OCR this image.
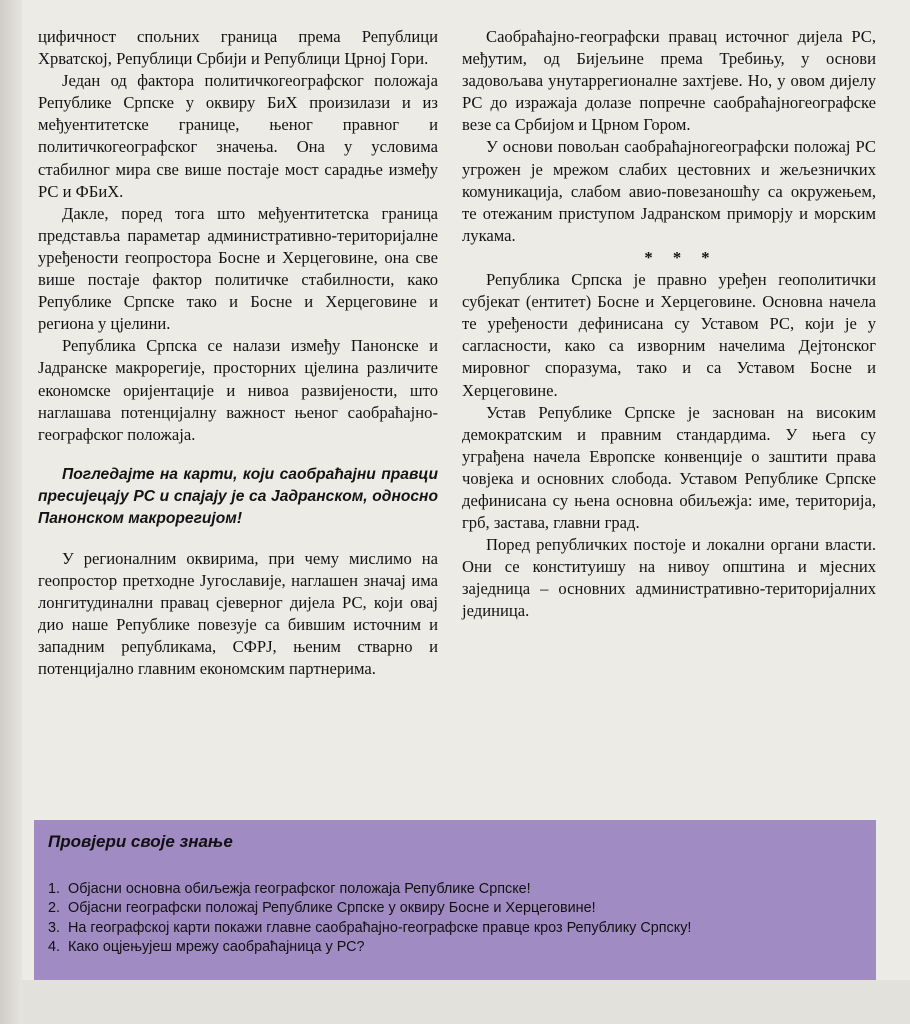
цифичност спољних граница према Републици Хрватској, Републици Србији и Републици Црној Гори.

Један од фактора политичкогеографског положаја Републике Српске у оквиру БиХ произилази и из међуентитетске границе, њеног правног и политичкогеографског значења. Она у условима стабилног мира све више постаје мост сарадње између РС и ФБиХ.

Дакле, поред тога што међуентитетска граница представља параметар административно-територијалне уређености геопростора Босне и Херцеговине, она све више постаје фактор политичке стабилности, како Републике Српске тако и Босне и Херцеговине и региона у цјелини.

Република Српска се налази између Панонске и Јадранске макрорегије, просторних цјелина различите економске оријентације и нивоа развијености, што наглашава потенцијалну важност њеног саобраћајно-географског положаја.

Погледајте на карти, који саобраћајни правци пресијецају РС и спајају је са Јадранском, односно Панонском макрорегијом!

У регионалним оквирима, при чему мислимо на геопростор претходне Југославије, наглашен значај има лонгитудинални правац сјеверног дијела РС, који овај дио наше Републике повезује са бившим источним и западним републикама, СФРЈ, њеним стварно и потенцијално главним економским партнерима.

Саобраћајно-географски правац источног дијела РС, међутим, од Бијељине према Требињу, у основи задовољава унутаррегионалне захтјеве. Но, у овом дијелу РС до изражаја долазе попречне саобраћајногеографске везе са Србијом и Црном Гором.

У основи повољан саобраћајногеографски положај РС угрожен је мрежом слабих цестовних и жељезничких комуникација, слабом авио-повезаношћу са окружењем, те отежаним приступом Јадранском приморју и морским лукама.

* * *

Република Српска је правно уређен геополитички субјекат (ентитет) Босне и Херцеговине. Основна начела те уређености дефинисана су Уставом РС, који је у сагласности, како са изворним начелима Дејтонског мировног споразума, тако и са Уставом Босне и Херцеговине.

Устав Републике Српске је заснован на високим демократским и правним стандардима. У њега су уграђена начела Европске конвенције о заштити права човјека и основних слобода. Уставом Републике Српске дефинисана су њена основна обиљежја: име, територија, грб, застава, главни град.

Поред републичких постоје и локални органи власти. Они се конституишу на нивоу општина и мјесних заједница – основних административно-територијалних јединица.

Провјери своје знање
1. Објасни основна обиљежја географског положаја Републике Српске!
2. Објасни географски положај Републике Српске у оквиру Босне и Херцеговине!
3. На географској карти покажи главне саобраћајно-географске правце кроз Републику Српску!
4. Како оцјењујеш мрежу саобраћајница у РС?
